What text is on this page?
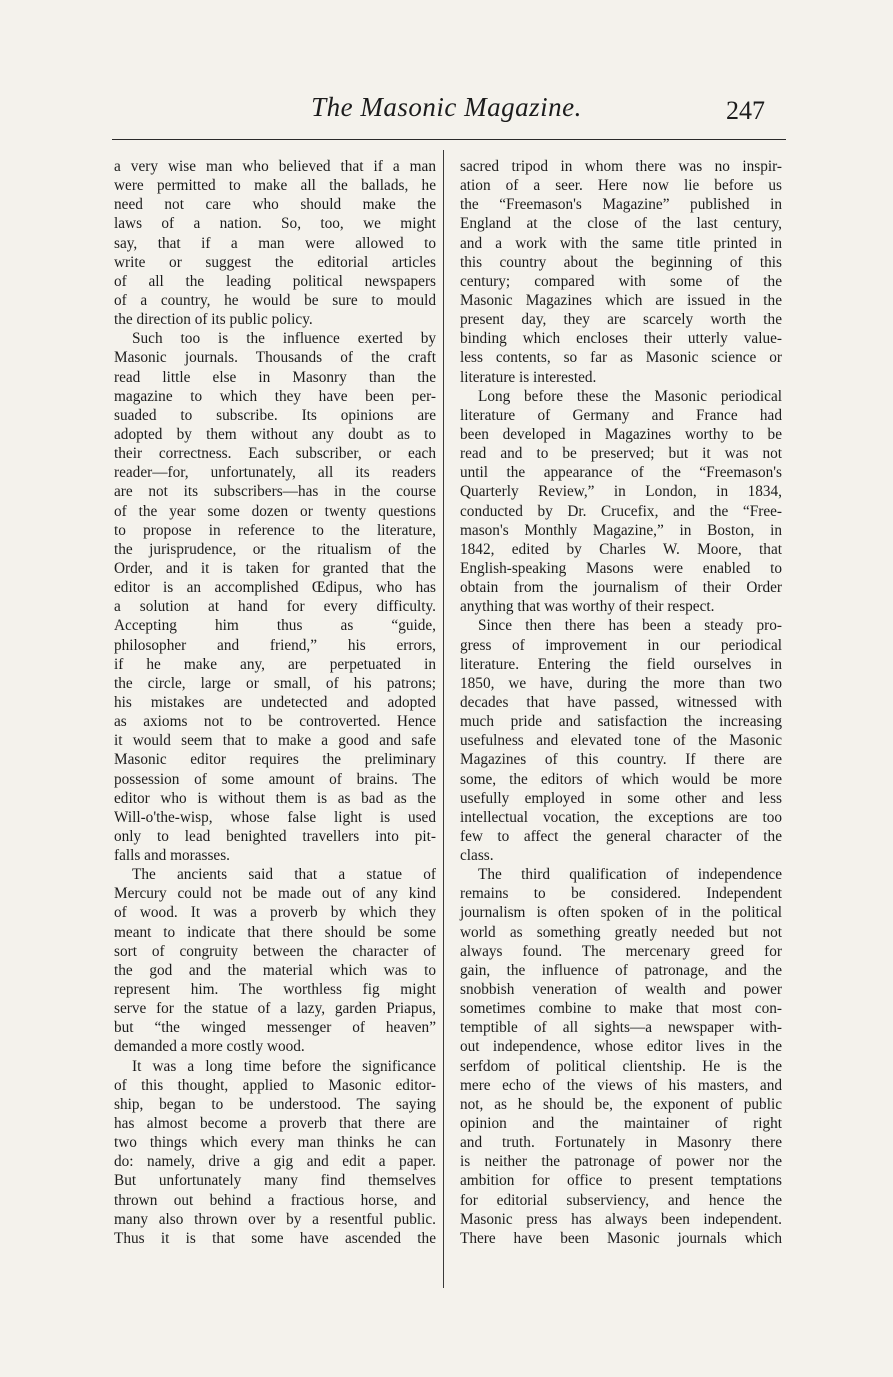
The Masonic Magazine.	247
a very wise man who believed that if a man
were permitted to make all the ballads, he
need not care who should make the
laws of a nation. So, too, we might
say, that if a man were allowed to
write or suggest the editorial articles
of all the leading political newspapers
of a country, he would be sure to mould
the direction of its public policy.
Such too is the influence exerted by
Masonic journals. Thousands of the craft
read little else in Masonry than the
magazine to which they have been per-
suaded to subscribe. Its opinions are
adopted by them without any doubt as to
their correctness. Each subscriber, or each
reader—for, unfortunately, all its readers
are not its subscribers—has in the course
of the year some dozen or twenty questions
to propose in reference to the literature,
the jurisprudence, or the ritualism of the
Order, and it is taken for granted that the
editor is an accomplished Œdipus, who has
a solution at hand for every difficulty.
Accepting him thus as “guide,
philosopher and friend,” his errors,
if he make any, are perpetuated in
the circle, large or small, of his patrons;
his mistakes are undetected and adopted
as axioms not to be controverted. Hence
it would seem that to make a good and safe
Masonic editor requires the preliminary
possession of some amount of brains. The
editor who is without them is as bad as the
Will-o'the-wisp, whose false light is used
only to lead benighted travellers into pit-
falls and morasses.
The ancients said that a statue of
Mercury could not be made out of any kind
of wood. It was a proverb by which they
meant to indicate that there should be some
sort of congruity between the character of
the god and the material which was to
represent him. The worthless fig might
serve for the statue of a lazy, garden Priapus,
but “the winged messenger of heaven”
demanded a more costly wood.
It was a long time before the significance
of this thought, applied to Masonic editor-
ship, began to be understood. The saying
has almost become a proverb that there are
two things which every man thinks he can
do: namely, drive a gig and edit a paper.
But unfortunately many find themselves
thrown out behind a fractious horse, and
many also thrown over by a resentful public.
Thus it is that some have ascended the
sacred tripod in whom there was no inspir-
ation of a seer. Here now lie before us
the “Freemason's Magazine” published in
England at the close of the last century,
and a work with the same title printed in
this country about the beginning of this
century; compared with some of the
Masonic Magazines which are issued in the
present day, they are scarcely worth the
binding which encloses their utterly value-
less contents, so far as Masonic science or
literature is interested.
Long before these the Masonic periodical
literature of Germany and France had
been developed in Magazines worthy to be
read and to be preserved; but it was not
until the appearance of the “Freemason's
Quarterly Review,” in London, in 1834,
conducted by Dr. Crucefix, and the “Free-
mason's Monthly Magazine,” in Boston, in
1842, edited by Charles W. Moore, that
English-speaking Masons were enabled to
obtain from the journalism of their Order
anything that was worthy of their respect.
Since then there has been a steady pro-
gress of improvement in our periodical
literature. Entering the field ourselves in
1850, we have, during the more than two
decades that have passed, witnessed with
much pride and satisfaction the increasing
usefulness and elevated tone of the Masonic
Magazines of this country. If there are
some, the editors of which would be more
usefully employed in some other and less
intellectual vocation, the exceptions are too
few to affect the general character of the
class.
The third qualification of independence
remains to be considered. Independent
journalism is often spoken of in the political
world as something greatly needed but not
always found. The mercenary greed for
gain, the influence of patronage, and the
snobbish veneration of wealth and power
sometimes combine to make that most con-
temptible of all sights—a newspaper with-
out independence, whose editor lives in the
serfdom of political clientship. He is the
mere echo of the views of his masters, and
not, as he should be, the exponent of public
opinion and the maintainer of right
and truth. Fortunately in Masonry there
is neither the patronage of power nor the
ambition for office to present temptations
for editorial subserviency, and hence the
Masonic press has always been independent.
There have been Masonic journals which
